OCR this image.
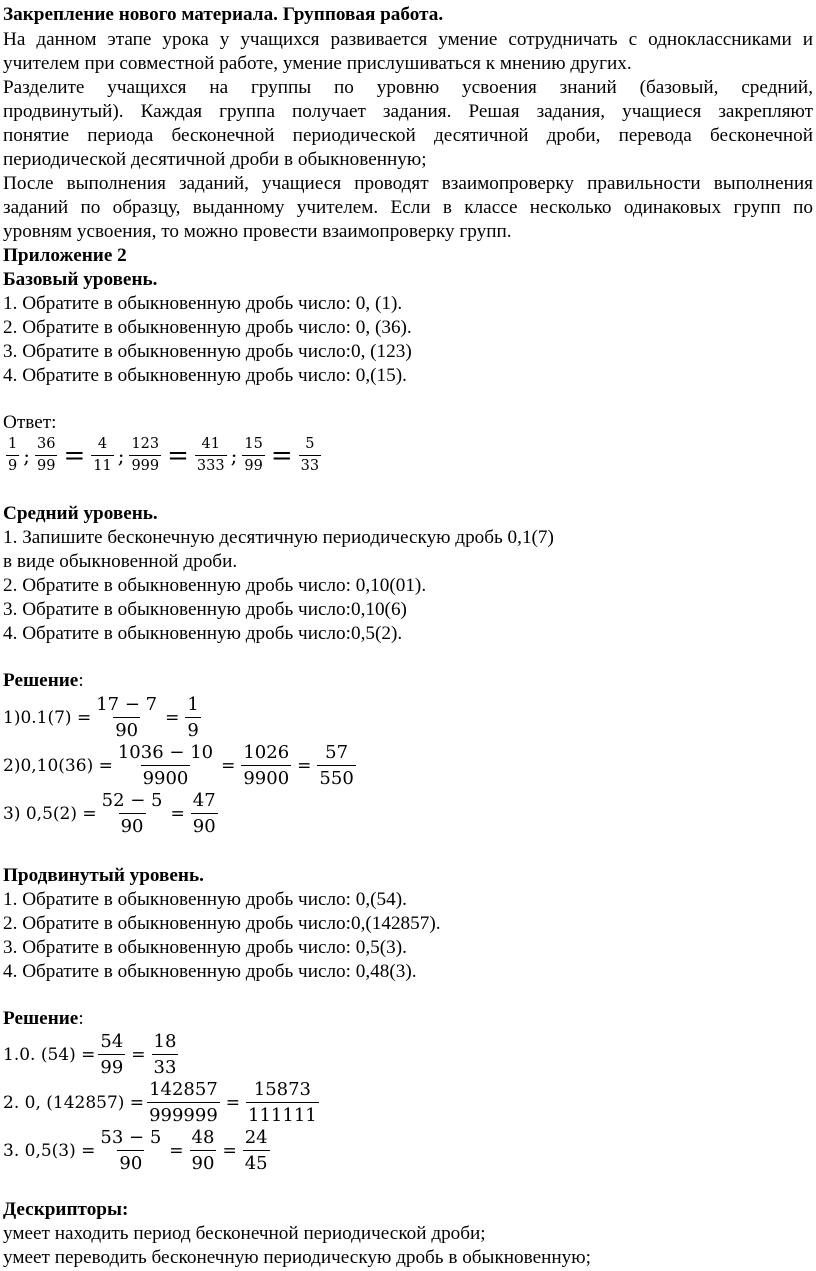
Закрепление нового материала. Групповая работа.
На данном этапе урока у учащихся развивается умение сотрудничать с одноклассниками и
учителем при совместной работе, умение прислушиваться к мнению других.
Разделите учащихся на группы по уровню усвоения знаний (базовый, средний,
продвинутый). Каждая группа получает задания. Решая задания, учащиеся закрепляют
понятие периода бесконечной периодической десятичной дроби, перевода бесконечной
периодической десятичной дроби в обыкновенную;
После выполнения заданий, учащиеся проводят взаимопроверку правильности выполнения
заданий по образцу, выданному учителем. Если в классе несколько одинаковых групп по
уровням усвоения, то можно провести взаимопроверку групп.
Приложение 2
Базовый уровень.
1. Обратите в обыкновенную дробь число: 0, (1).
2. Обратите в обыкновенную дробь число: 0, (36).
3. Обратите в обыкновенную дробь число:0, (123)
4. Обратите в обыкновенную дробь число: 0,(15).
Ответ:
$\frac{1}{9}$ ; $\frac{36}{99} = \frac{4}{11}$ ; $\frac{123}{999} = \frac{41}{333}$ ; $\frac{15}{99} = \frac{5}{33}$
Средний уровень.
1. Запишите бесконечную десятичную периодическую дробь 0,1(7)
в виде обыкновенной дроби.
2. Обратите в обыкновенную дробь число: 0,10(01).
3. Обратите в обыкновенную дробь число:0,10(6)
4. Обратите в обыкновенную дробь число:0,5(2).
Решение:
$1)0.1(7) = \frac{17 - 7}{90} = \frac{1}{9}$
$2)0,10(36) = \frac{1036 - 10}{9900} = \frac{1026}{9900} = \frac{57}{550}$
3) $0,5(2) = \frac{52 - 5}{90} = \frac{47}{90}$
Продвинутый уровень.
1. Обратите в обыкновенную дробь число: 0,(54).
2. Обратите в обыкновенную дробь число:0,(142857).
3. Обратите в обыкновенную дробь число: 0,5(3).
4. Обратите в обыкновенную дробь число: 0,48(3).
Решение:
1.0. $(54) = \frac{54}{99} = \frac{18}{33}$
2. 0, $(142857) = \frac{142857}{999999} = \frac{15873}{111111}$
3. $0,5(3) = \frac{53 - 5}{90} = \frac{48}{90} = \frac{24}{45}$
Дескрипторы:
умеет находить период бесконечной периодической дроби;
умеет переводить бесконечную периодическую дробь в обыкновенную;
